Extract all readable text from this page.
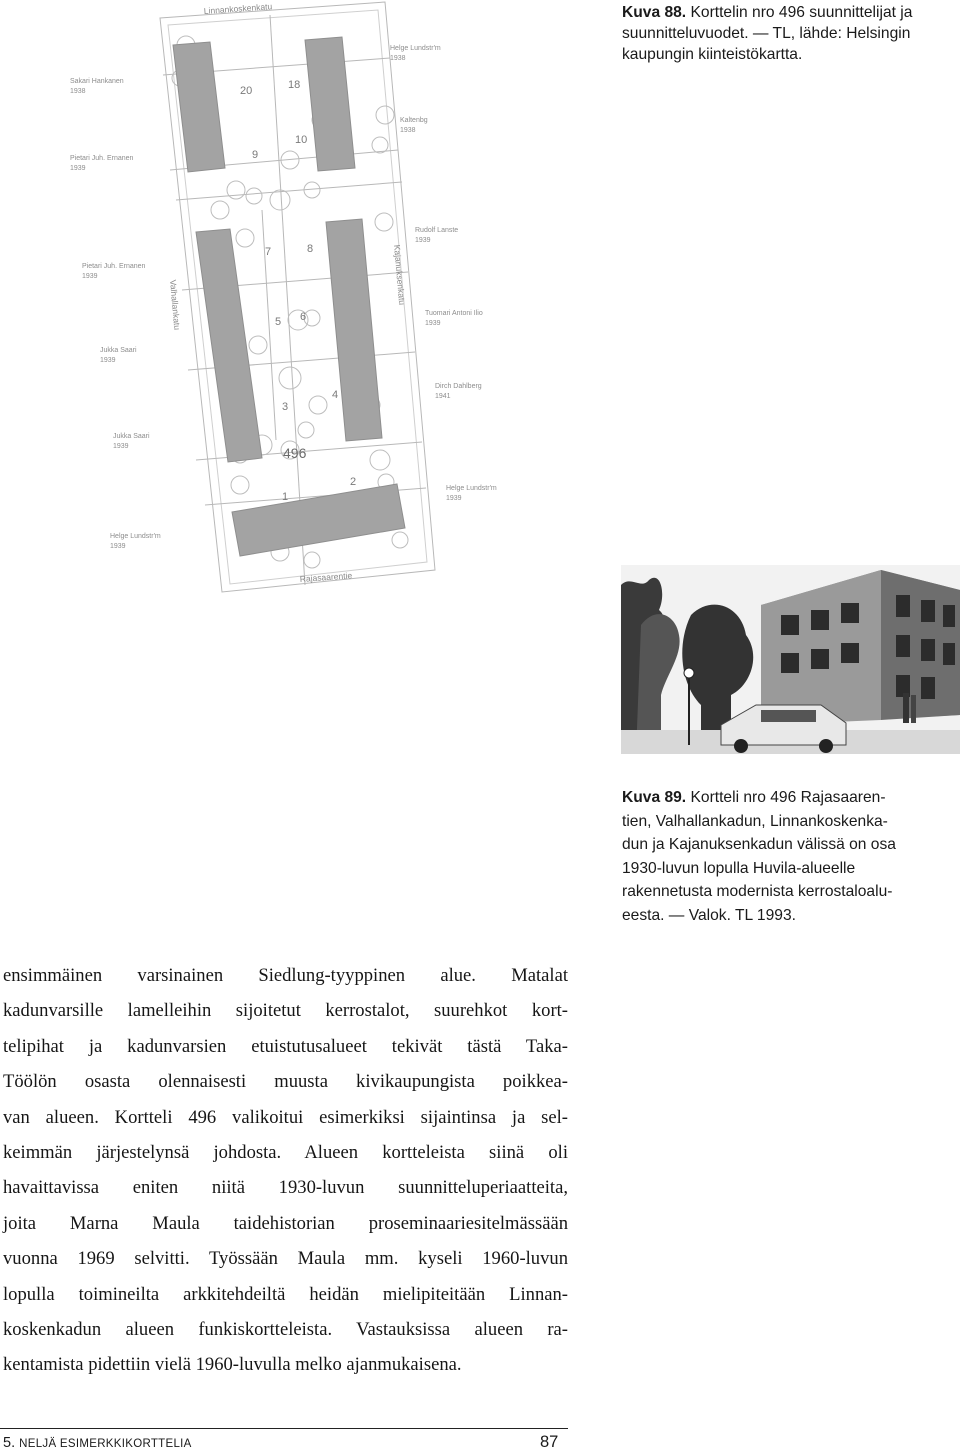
Linnankoskenkatu
Kajanuksenkatu
Valhallankatu
Rajasaarentie
20	18
10
9
7	8
5 6
3
4
1
2
496
Helge Lundstr'm
1938
Sakari Hankanen
1938
Kaltenbg
1938
Pietari Juh. Ernanen
1939
Rudolf Lanste
1939
Pietari Juh. Ernanen
1939
Tuomari Antoni Ilio
1939
Jukka Saari
1939
Dirch Dahlberg
1941
Jukka Saari
1939
Helge Lundstr'm
1939
Helge Lundstr'm
1939
Kuva 88. Korttelin nro 496 suunnittelijat ja suunnitteluvuodet. — TL, lähde: Helsingin kaupungin kiinteistökartta.
Kuva 89. Kortteli nro 496 Rajasaaren-
tien, Valhallankadun, Linnankoskenka-
dun ja Kajanuksenkadun välissä on osa
1930-luvun lopulla Huvila-alueelle
rakennetusta modernista kerrostaloalu-
eesta. — Valok. TL 1993.
ensimmäinen varsinainen Siedlung-tyyppinen alue. Matalat
kadunvarsille lamelleihin sijoitetut kerrostalot, suurehkot kort-
telipihat ja kadunvarsien etuistutusalueet tekivät tästä Taka-
Töölön osasta olennaisesti muusta kivikaupungista poikkea-
van alueen. Kortteli 496 valikoitui esimerkiksi sijaintinsa ja sel-
keimmän järjestelynsä johdosta. Alueen kortteleista siinä oli
havaittavissa eniten niitä 1930-luvun suunnitteluperiaatteita,
joita Marna Maula taidehistorian proseminaariesitelmässään
vuonna 1969 selvitti. Työssään Maula mm. kyseli 1960-luvun
lopulla toimineilta arkkitehdeiltä heidän mielipiteitään Linnan-
koskenkadun alueen funkiskortteleista. Vastauksissa alueen ra-
kentamista pidettiin vielä 1960-luvulla melko ajanmukaisena.
5. NELJÄ ESIMERKKIKORTTELIA	87
